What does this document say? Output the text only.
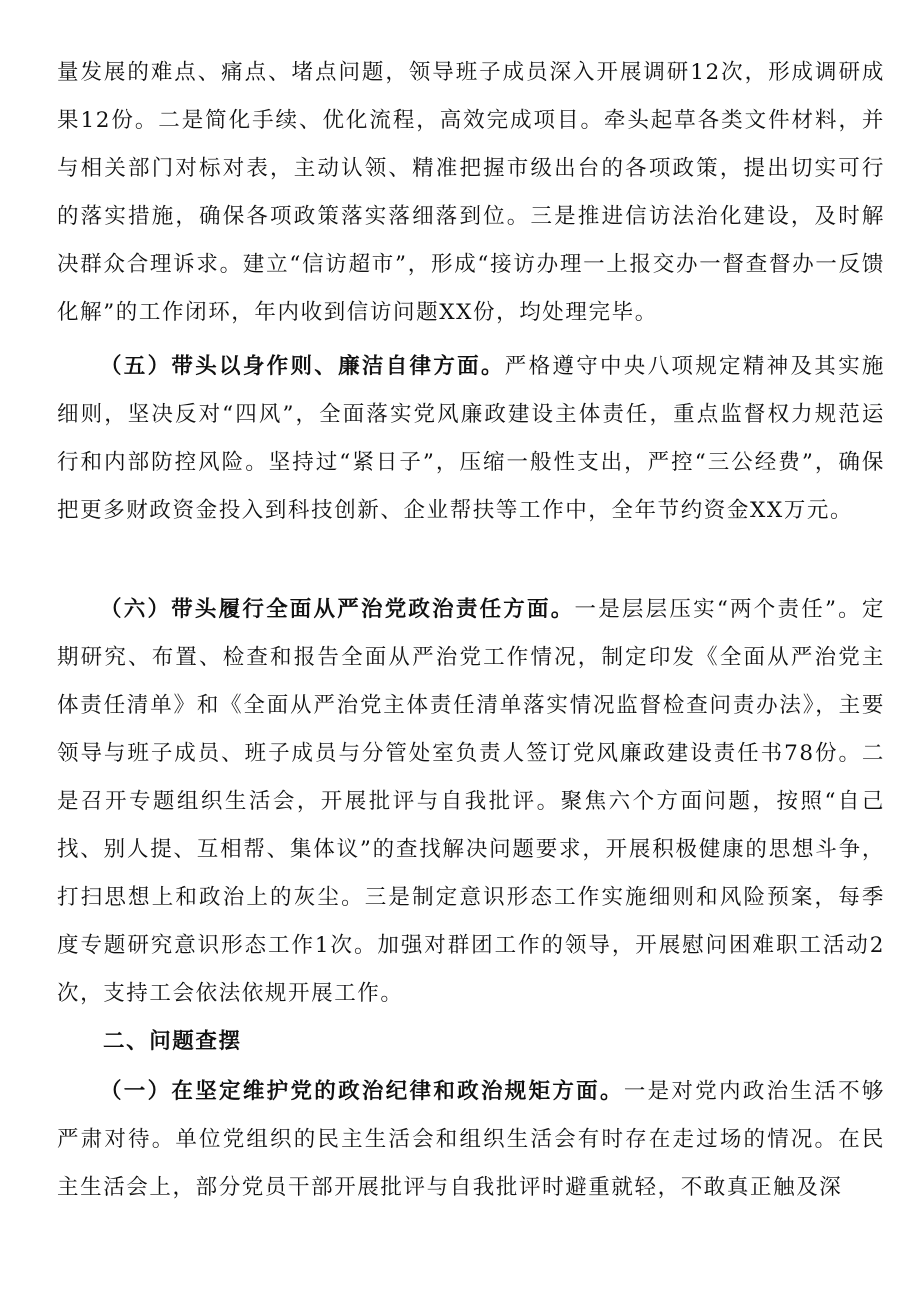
量发展的难点、痛点、堵点问题，领导班子成员深入开展调研12次，形成调研成果12份。二是简化手续、优化流程，高效完成项目。牵头起草各类文件材料，并与相关部门对标对表，主动认领、精准把握市级出台的各项政策，提出切实可行的落实措施，确保各项政策落实落细落到位。三是推进信访法治化建设，及时解决群众合理诉求。建立“信访超市”，形成“接访办理一上报交办一督查督办一反馈化解”的工作闭环，年内收到信访问题XX份，均处理完毕。

（五）带头以身作则、廉洁自律方面。严格遵守中央八项规定精神及其实施细则，坚决反对“四风”，全面落实党风廉政建设主体责任，重点监督权力规范运行和内部防控风险。坚持过“紧日子”，压缩一般性支出，严控“三公经费”，确保把更多财政资金投入到科技创新、企业帮扶等工作中，全年节约资金XX万元。

（六）带头履行全面从严治党政治责任方面。一是层层压实“两个责任”。定期研究、布置、检查和报告全面从严治党工作情况，制定印发《全面从严治党主体责任清单》和《全面从严治党主体责任清单落实情况监督检查问责办法》，主要领导与班子成员、班子成员与分管处室负责人签订党风廉政建设责任书78份。二是召开专题组织生活会，开展批评与自我批评。聚焦六个方面问题，按照“自己找、别人提、互相帮、集体议”的查找解决问题要求，开展积极健康的思想斗争，打扫思想上和政治上的灰尘。三是制定意识形态工作实施细则和风险预案，每季度专题研究意识形态工作1次。加强对群团工作的领导，开展慰问困难职工活动2次，支持工会依法依规开展工作。

二、问题查摆

（一）在坚定维护党的政治纪律和政治规矩方面。一是对党内政治生活不够严肃对待。单位党组织的民主生活会和组织生活会有时存在走过场的情况。在民主生活会上，部分党员干部开展批评与自我批评时避重就轻，不敢真正触及深
